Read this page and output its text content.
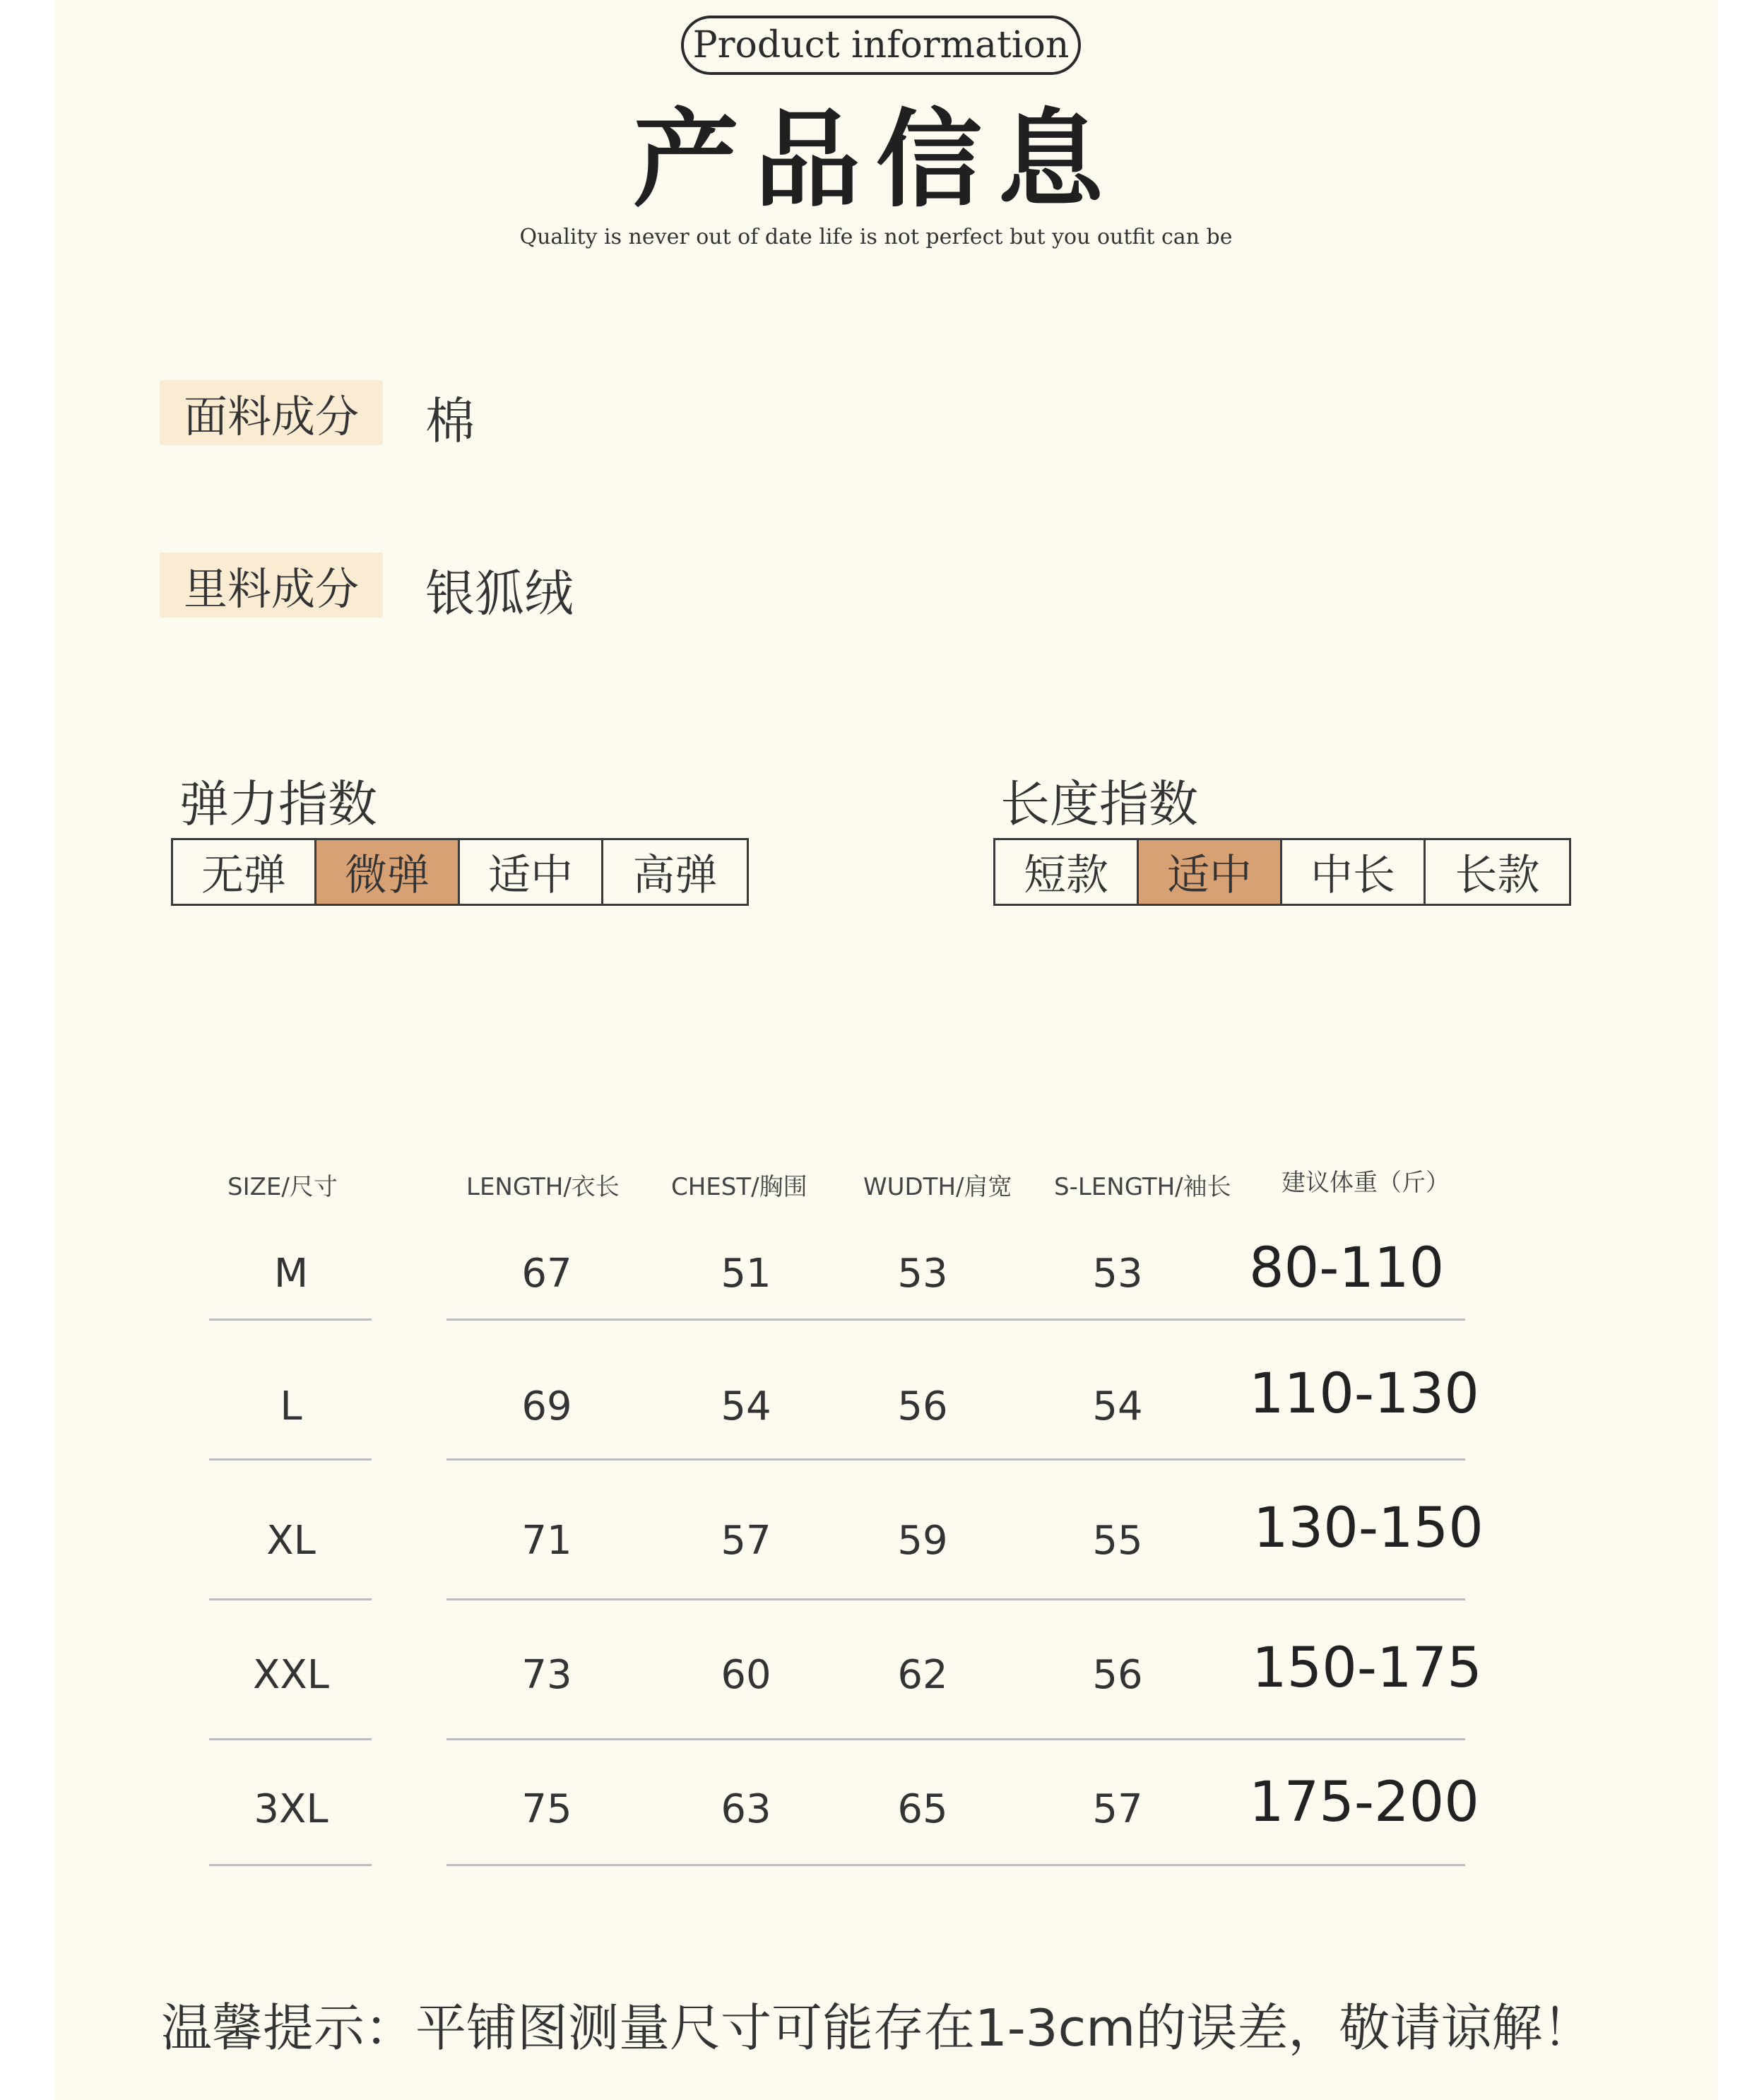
Product information
产品信息
Quality is never out of date life is not perfect but you outfit can be
面料成分	棉
里料成分	银狐绒
弹力指数
无弹	微弹	适中	高弹
长度指数
短款	适中	中长	长款
SIZE/尺寸	LENGTH/衣长 CHEST/胸围 WUDTH/肩宽 S-LENGTH/袖长 建议体重（斤）
M	67	51	53	53	80-110
L	69	54	56	54	110-130
XL	71	57	59	55	130-150
XXL	73	60	62	56	150-175
3XL	75	63	65	57	175-200
温馨提示：平铺图测量尺寸可能存在1-3cm的误差，敬请谅解！
